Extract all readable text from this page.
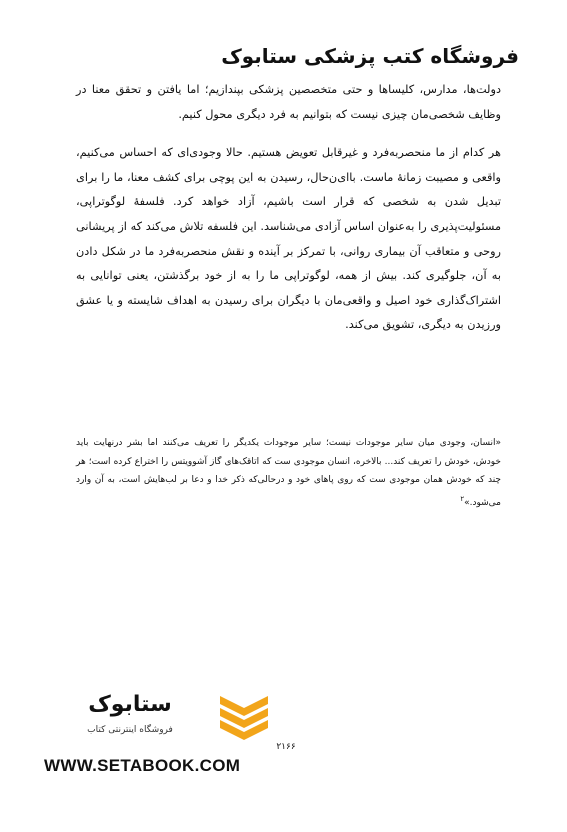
فروشگاه کتب پزشکی ستابوک

دولت‌ها، مدارس، کلیساها و حتی متخصصین پزشکی بپندازیم؛ اما یافتن و تحقق معنا در وظایف شخصی‌مان چیزی نیست که بتوانیم به فرد دیگری محول کنیم.

هر کدام از ما منحصربه‌فرد و غیرقابل تعویض هستیم. حالا وجودی‌ای که احساس می‌کنیم، واقعی و مصیبت زمانهٔ ماست. باای‌ن‌حال، رسیدن به این پوچی برای کشف معنا، ما را برای تبدیل شدن به شخصی که قرار است باشیم، آزاد خواهد کرد. فلسفهٔ لوگوتراپی، مسئولیت‌پذیری را به‌عنوان اساس آزادی می‌شناسد. این فلسفه تلاش می‌کند که از پریشانی روحی و متعاقب آن بیماری روانی، با تمرکز بر آینده و نقش منحصربه‌فرد ما در شکل دادن به آن، جلوگیری کند. بیش از همه، لوگوتراپی ما را به از خود برگذشتن، یعنی توانایی به اشتراک‌گذاری خود اصیل و واقعی‌مان با دیگران برای رسیدن به اهداف شایسته و یا عشق ورزیدن به دیگری، تشویق می‌کند.

«انسان، وجودی میان سایر موجودات نیست؛ سایر موجودات یکدیگر را تعریف می‌کنند اما بشر درنهایت باید خودش، خودش را تعریف کند... بالاخره، انسان موجودی ست که اتاقک‌های گاز آشوویتس را اختراع کرده است؛ هر چند که خودش همان موجودی ست که روی پاهای خود و درحالی‌که ذکر خدا و دعا بر لب‌هایش است، به آن وارد می‌شود.»$^۲$
۲۱۶۶
ستابوک
فروشگاه اینترنتی کتاب
WWW.SETABOOK.COM
